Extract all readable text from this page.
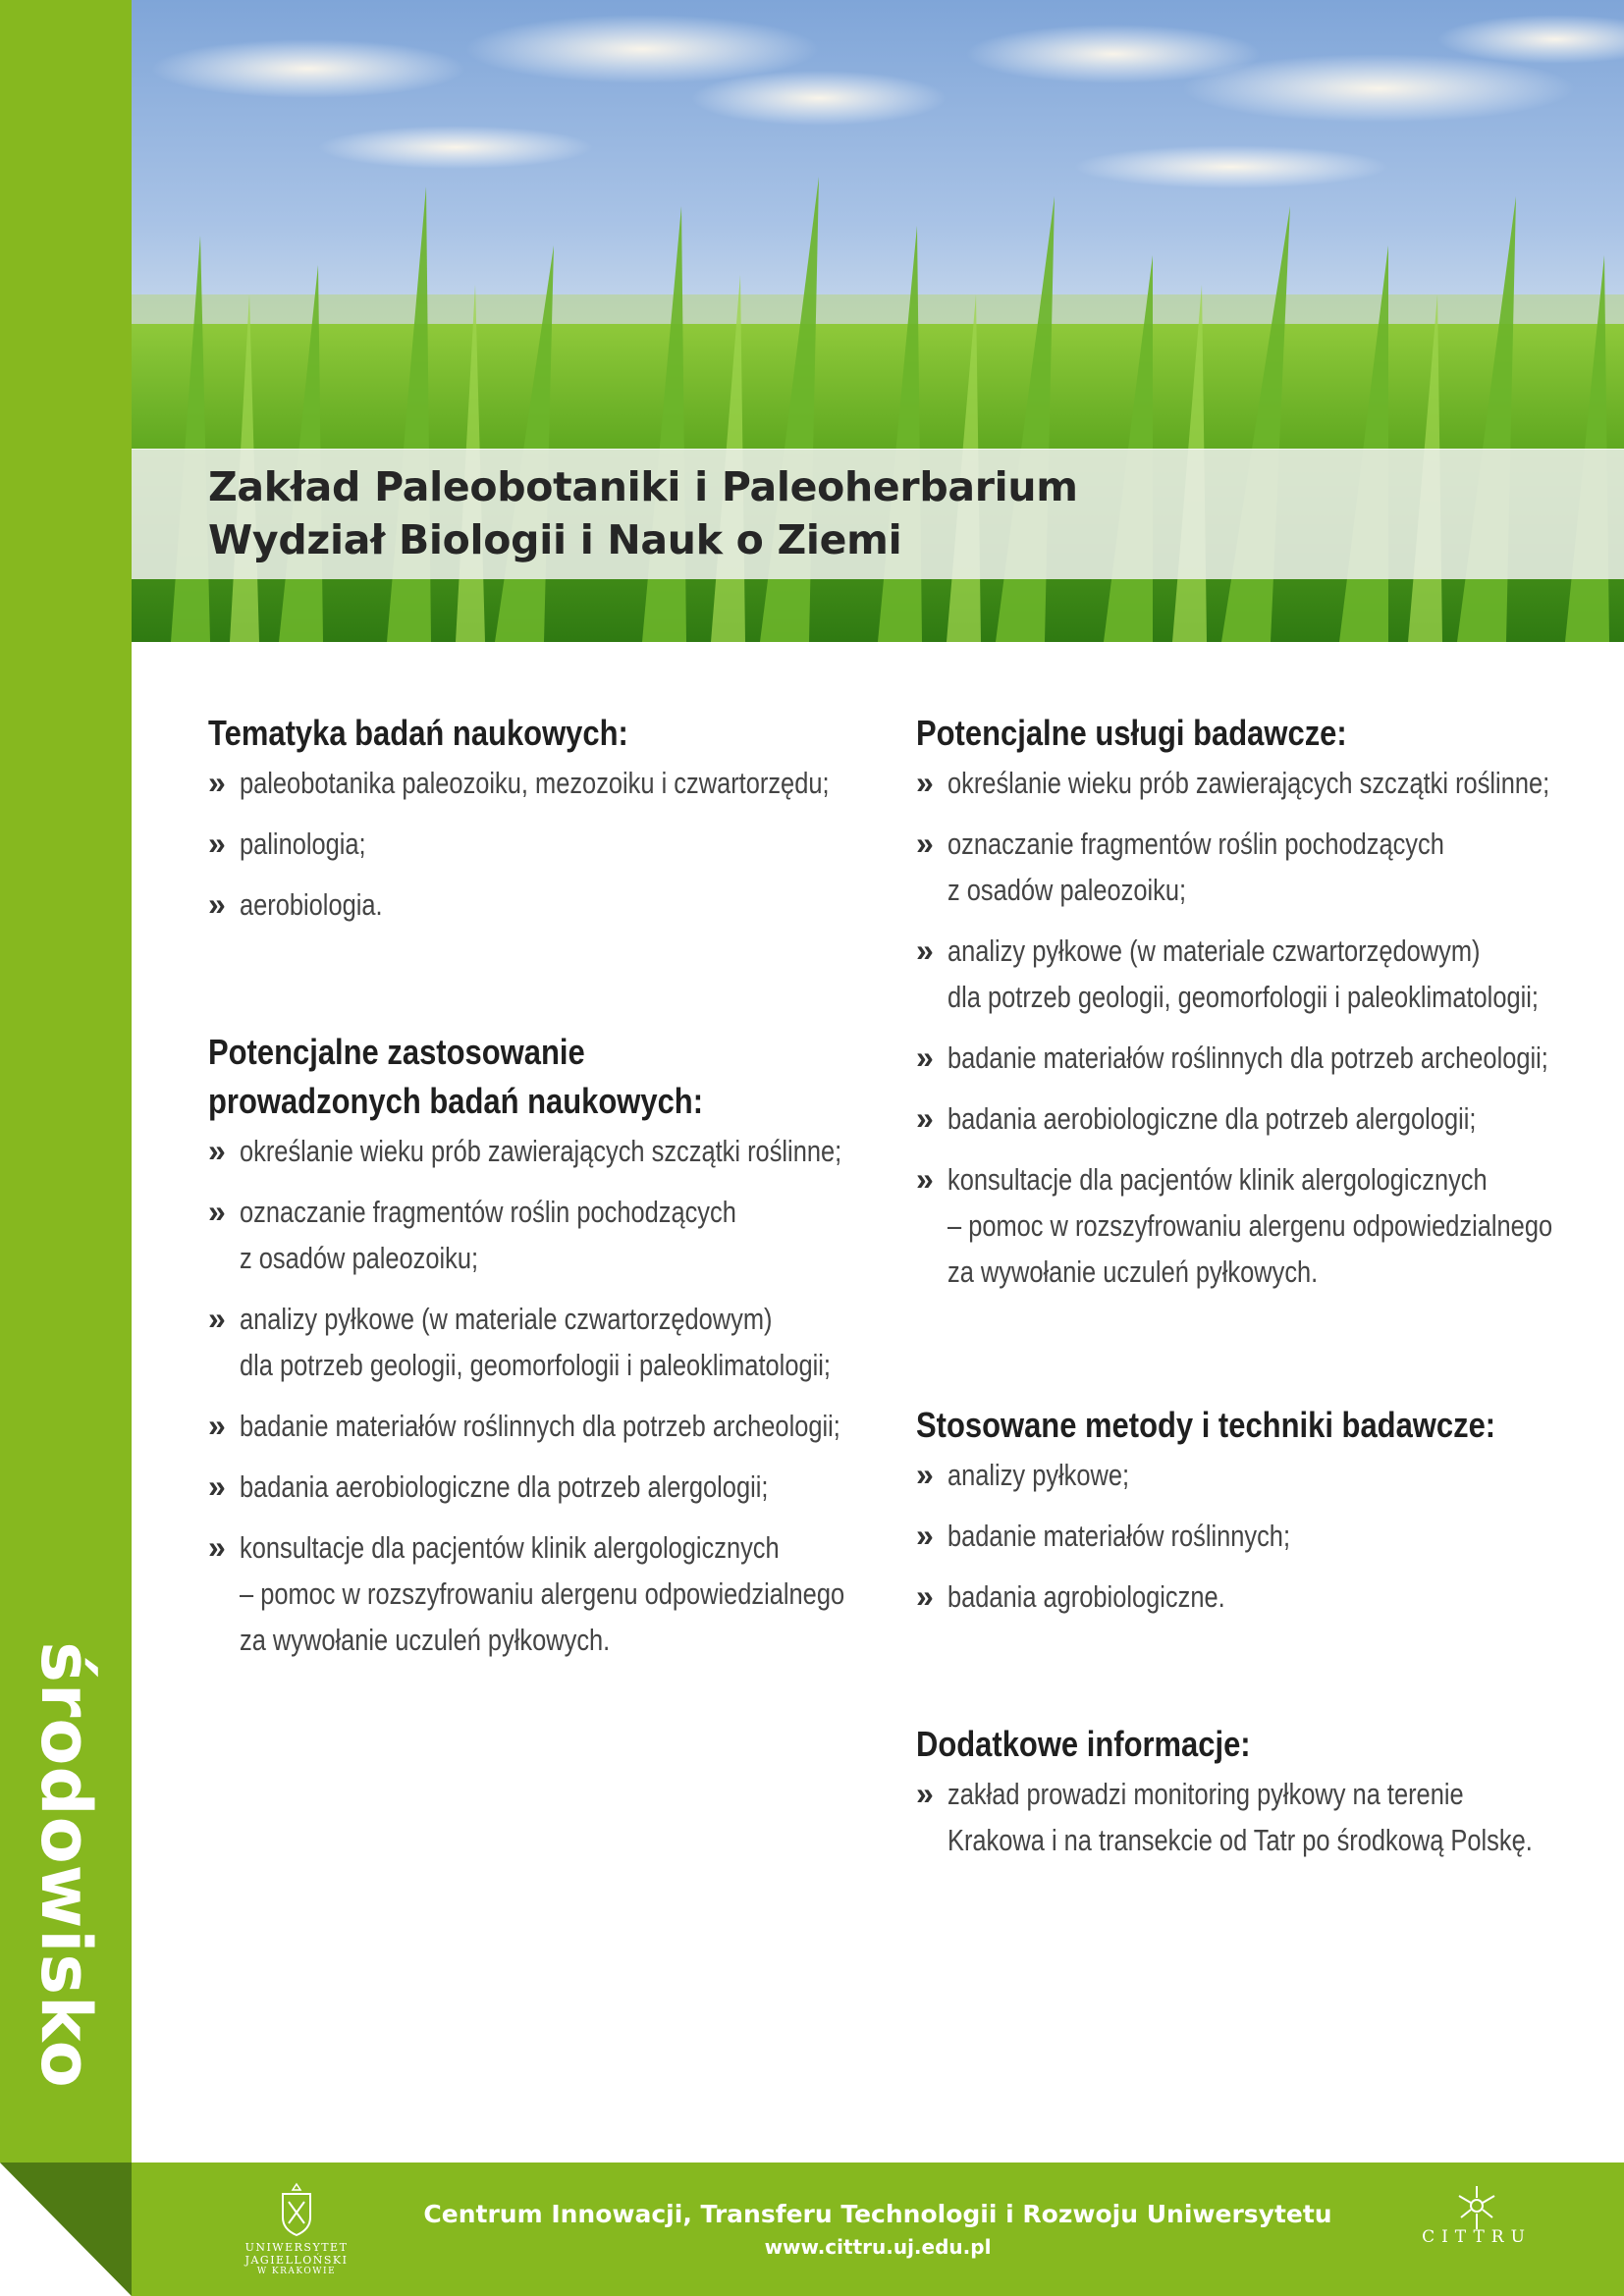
środowisko
Zakład Paleobotaniki i Paleoherbarium
Wydział Biologii i Nauk o Ziemi
Tematyka badań naukowych:
» paleobotanika paleozoiku, mezozoiku i czwartorzędu;
» palinologia;
» aerobiologia.
Potencjalne zastosowanie
prowadzonych badań naukowych:
» określanie wieku prób zawierających szczątki roślinne;
» oznaczanie fragmentów roślin pochodzących
z osadów paleozoiku;
» analizy pyłkowe (w materiale czwartorzędowym)
dla potrzeb geologii, geomorfologii i paleoklimatologii;
» badanie materiałów roślinnych dla potrzeb archeologii;
» badania aerobiologiczne dla potrzeb alergologii;
» konsultacje dla pacjentów klinik alergologicznych
– pomoc w rozszyfrowaniu alergenu odpowiedzialnego
za wywołanie uczuleń pyłkowych.
Potencjalne usługi badawcze:
» określanie wieku prób zawierających szczątki roślinne;
» oznaczanie fragmentów roślin pochodzących
z osadów paleozoiku;
» analizy pyłkowe (w materiale czwartorzędowym)
dla potrzeb geologii, geomorfologii i paleoklimatologii;
» badanie materiałów roślinnych dla potrzeb archeologii;
» badania aerobiologiczne dla potrzeb alergologii;
» konsultacje dla pacjentów klinik alergologicznych
– pomoc w rozszyfrowaniu alergenu odpowiedzialnego
za wywołanie uczuleń pyłkowych.
Stosowane metody i techniki badawcze:
» analizy pyłkowe;
» badanie materiałów roślinnych;
» badania agrobiologiczne.
Dodatkowe informacje:
» zakład prowadzi monitoring pyłkowy na terenie
Krakowa i na transekcie od Tatr po środkową Polskę.
UNIWERSYTET JAGIELLOŃSKI
W KRAKOWIE
Centrum Innowacji, Transferu Technologii i Rozwoju Uniwersytetu
www.cittru.uj.edu.pl	CITTRU
